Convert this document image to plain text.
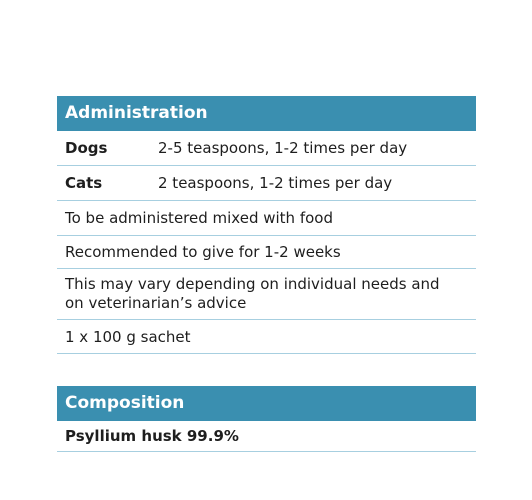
Administration
Dogs	2-5 teaspoons, 1-2 times per day
Cats	2 teaspoons, 1-2 times per day
To be administered mixed with food
Recommended to give for 1-2 weeks
This may vary depending on individual needs and on veterinarian’s advice
1 x 100 g sachet
Composition
Psyllium husk 99.9%
